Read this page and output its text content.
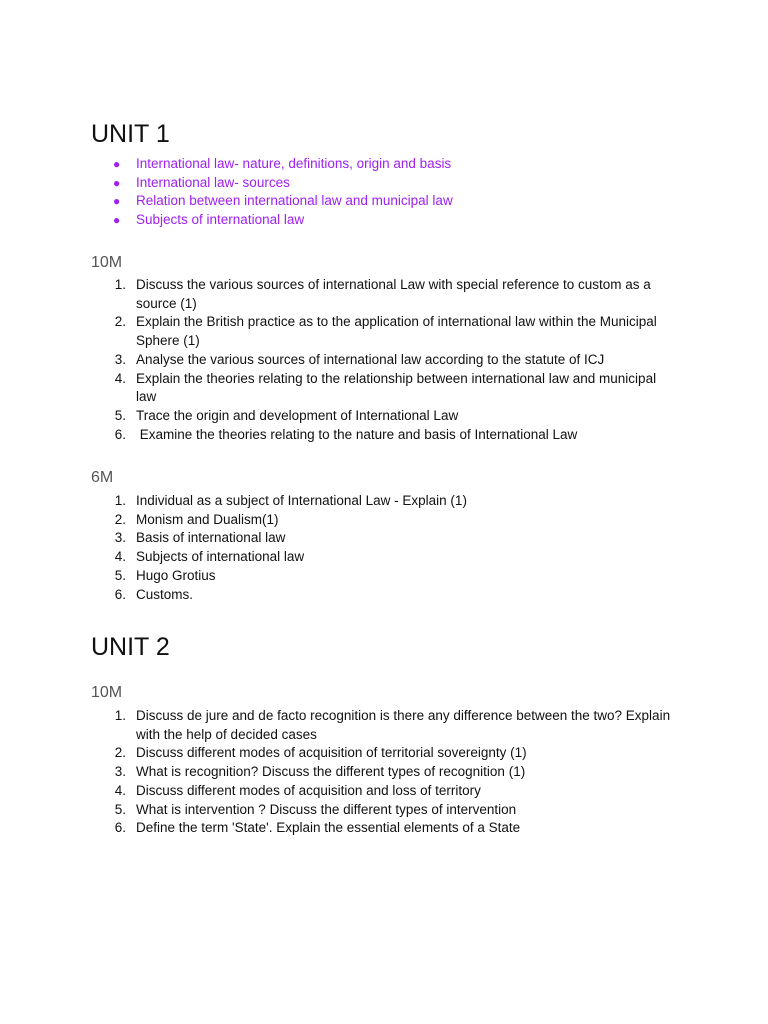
UNIT 1
● International law- nature, definitions, origin and basis
● International law- sources
● Relation between international law and municipal law
● Subjects of international law
10M
1. Discuss the various sources of international Law with special reference to custom as a source (1)
2. Explain the British practice as to the application of international law within the Municipal Sphere (1)
3. Analyse the various sources of international law according to the statute of ICJ
4. Explain the theories relating to the relationship between international law and municipal law
5. Trace the origin and development of International Law
6. Examine the theories relating to the nature and basis of International Law
6M
1. Individual as a subject of International Law - Explain (1)
2. Monism and Dualism(1)
3. Basis of international law
4. Subjects of international law
5. Hugo Grotius
6. Customs.
UNIT 2
10M
1. Discuss de jure and de facto recognition is there any difference between the two? Explain with the help of decided cases
2. Discuss different modes of acquisition of territorial sovereignty (1)
3. What is recognition? Discuss the different types of recognition (1)
4. Discuss different modes of acquisition and loss of territory
5. What is intervention ? Discuss the different types of intervention
6. Define the term 'State'. Explain the essential elements of a State
